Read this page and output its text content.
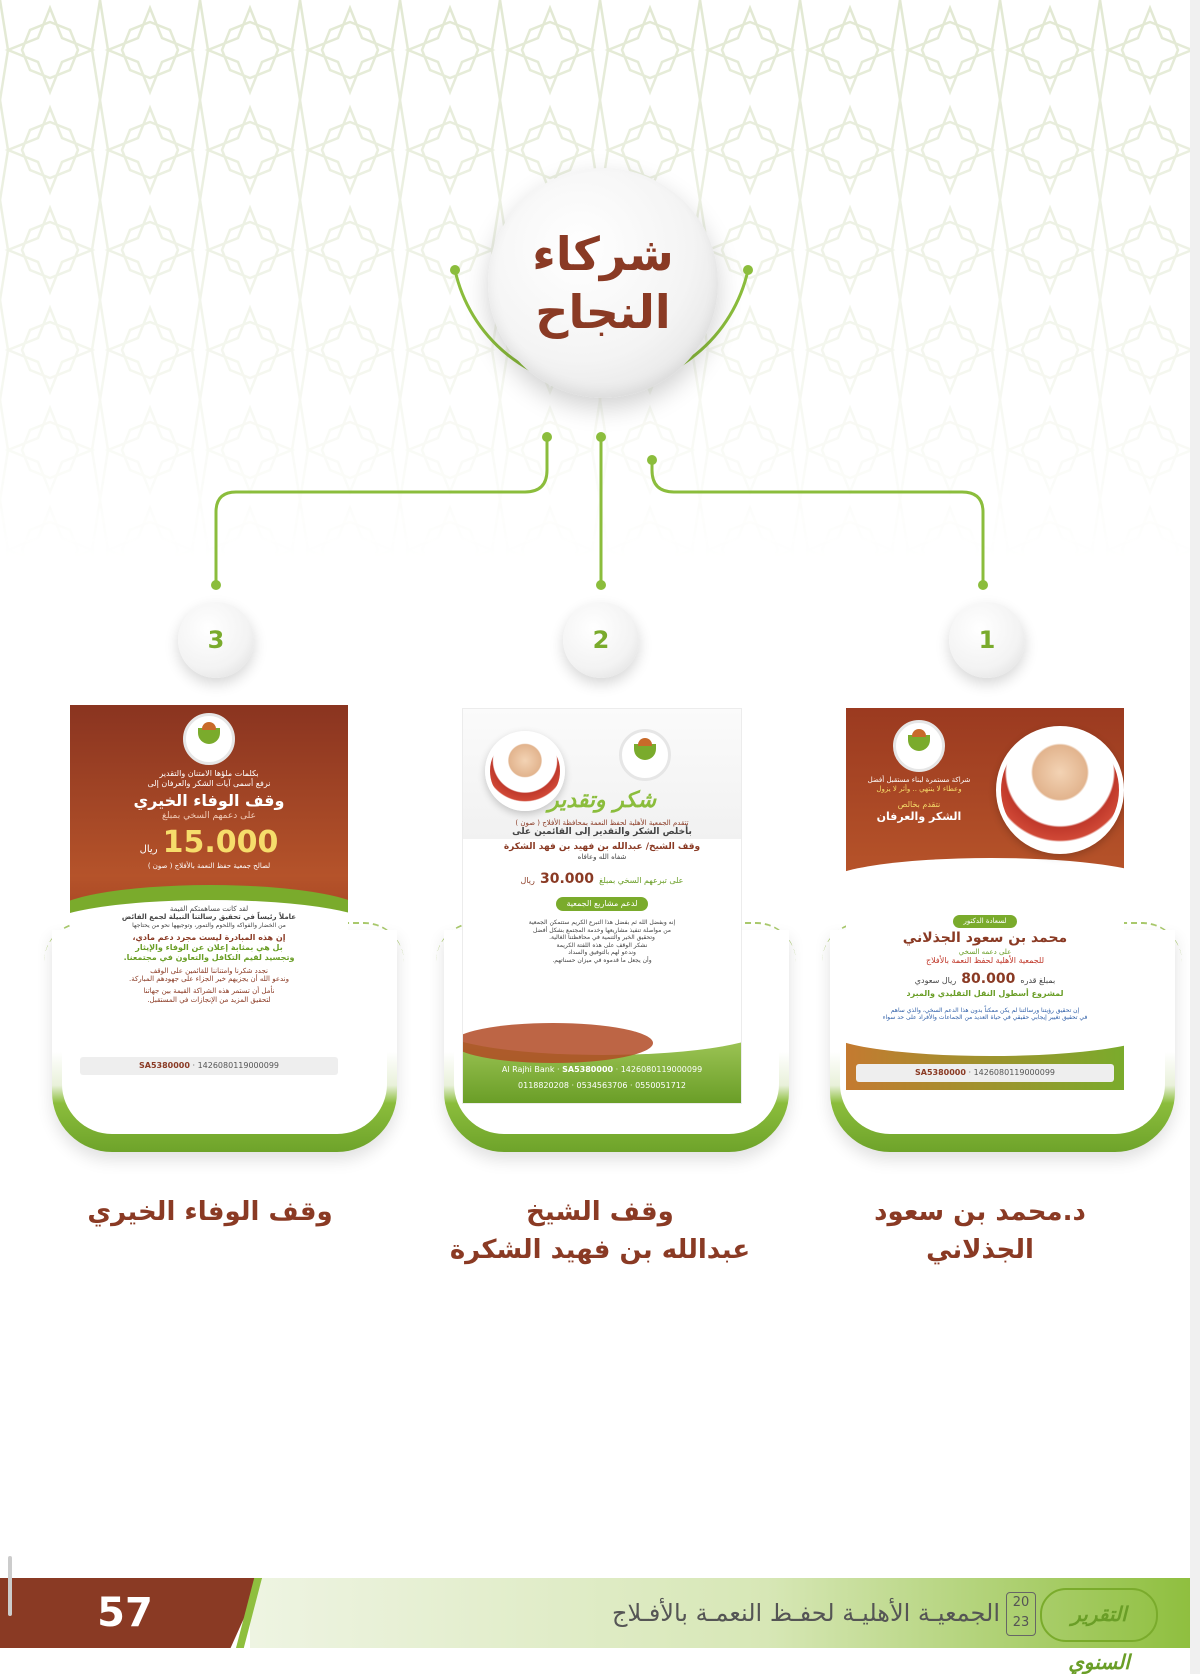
شركاء
النجاح
3	2	1

بكلمات ملؤها الامتنان والتقدير

نرفع أسمى آيات الشكر والعرفان إلى

وقف الوفاء الخيري

على دعمهم السخي بمبلغ

15.000 ريال

لصالح جمعية حفظ النعمة بالأفلاج ( صون )

لقد كانت مساهمتكم القيمة

عاملاً رئيساً في تحقيق رسالتنا النبيلة لجمع الفائض

من الخضار والفواكه واللحوم والتمور، وتوجيهها نحو من يحتاجها

إن هذه المبادرة ليست مجرد دعم مادي،

بل هي بمثابة إعلان عن الوفاء والإيثار

وتجسيد لقيم التكافل والتعاون في مجتمعنا.

نجدد شكرنا وامتناننا للقائمين على الوقف

وندعو الله أن يجزيهم خير الجزاء على جهودهم المباركة.

نأمل أن تستمر هذه الشراكة القيمة بين جهاتنا

لتحقيق المزيد من الإنجازات في المستقبل.

SA5380000 · 1426080119000099

شكر وتقدير

تتقدم الجمعية الأهلية لحفظ النعمة بمحافظة الأفلاج ( صون )

بأخلص الشكر والتقدير إلى القائمين على

وقف الشيخ/ عبدالله بن فهيد بن فهد الشكرة

شفاه الله وعافاه

على تبرعهم السخي بمبلغ 30.000 ريال

لدعم مشاريع الجمعية

إنه وبفضل الله ثم بفضل هذا التبرع الكريم ستتمكن الجمعية

من مواصلة تنفيذ مشاريعها وخدمة المجتمع بشكل أفضل

وتحقيق الخير والتنمية في محافظتنا الغالية.

نشكر الوقف على هذه اللفتة الكريمة

وندعو لهم بالتوفيق والسداد

وأن يجعل ما قدموه في ميزان حسناتهم.

Al Rajhi Bank · SA5380000 · 1426080119000099
0118820208 · 0534563706 · 0550051712

شراكة مستمرة لبناء مستقبل أفضل

وعطاء لا ينتهي .. وأثر لا يزول

نتقدم بخالص

الشكر والعرفان

لسعادة الدكتور

محمد بن سعود الجذلاني

على دعمه السخي

للجمعية الأهلية لحفظ النعمة بالأفلاج

بمبلغ قدره 80.000 ريال سعودي

لمشروع أسطول النقل التقليدي والمبرد

إن تحقيق رؤيتنا ورسالتنا لم يكن ممكناً بدون هذا الدعم السخي، والذي ساهم

في تحقيق تغيير إيجابي حقيقي في حياة العديد من الجماعات والأفراد على حد سواء

SA5380000 · 1426080119000099
وقف الوفاء الخيري	وقف الشيخ
عبدالله بن فهيد الشكرة
د.محمد بن سعود الجذلاني
57	الجمعيـة الأهليـة لحفـظ النعمـة بالأفـلاج 20
23	التقرير السنوي
